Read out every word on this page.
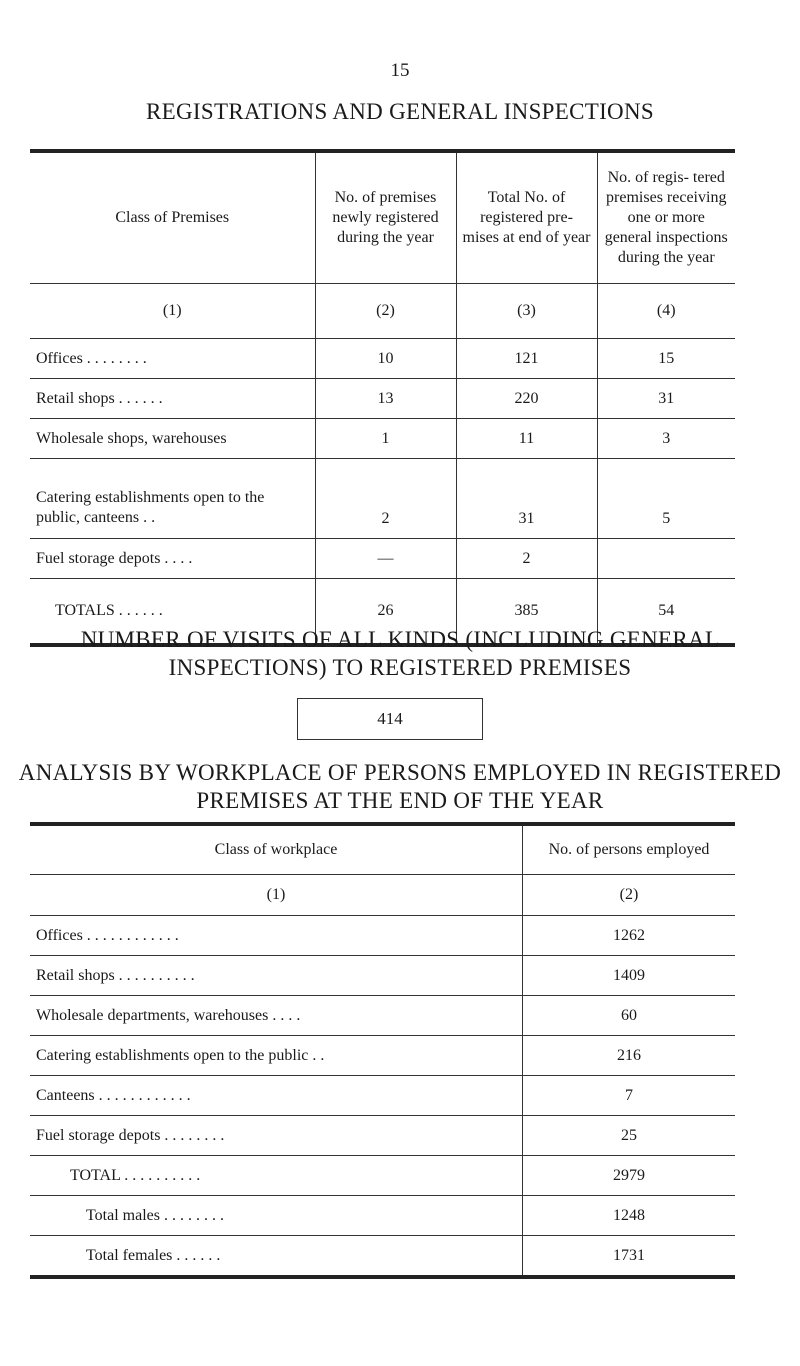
15
REGISTRATIONS AND GENERAL INSPECTIONS
Class of Premises	No. of premises newly registered during the year	Total No. of registered pre- mises at end of year	No. of regis- tered premises receiving one or more general inspections during the year
(1)	(2)	(3)	(4)
Offices . . . . . . . .	10	121	15
Retail shops . . . . . .	13	220	31
Wholesale shops, warehouses	1	11	3
Catering establishments open to the public, canteens . .	2	31	5
Fuel storage depots . . . .	—	2	
TOTALS . . . . . .	26	385	54
NUMBER OF VISITS OF ALL KINDS (INCLUDING GENERAL INSPECTIONS) TO REGISTERED PREMISES
414
ANALYSIS BY WORKPLACE OF PERSONS EMPLOYED IN REGISTERED PREMISES AT THE END OF THE YEAR
Class of workplace	No. of persons employed
(1)	(2)
Offices . . . . . . . . . . . .	1262
Retail shops . . . . . . . . . .	1409
Wholesale departments, warehouses . . . .	60
Catering establishments open to the public . .	216
Canteens . . . . . . . . . . . .	7
Fuel storage depots . . . . . . . .	25
TOTAL . . . . . . . . . .	2979
Total males . . . . . . . .	1248
Total females . . . . . .	1731
